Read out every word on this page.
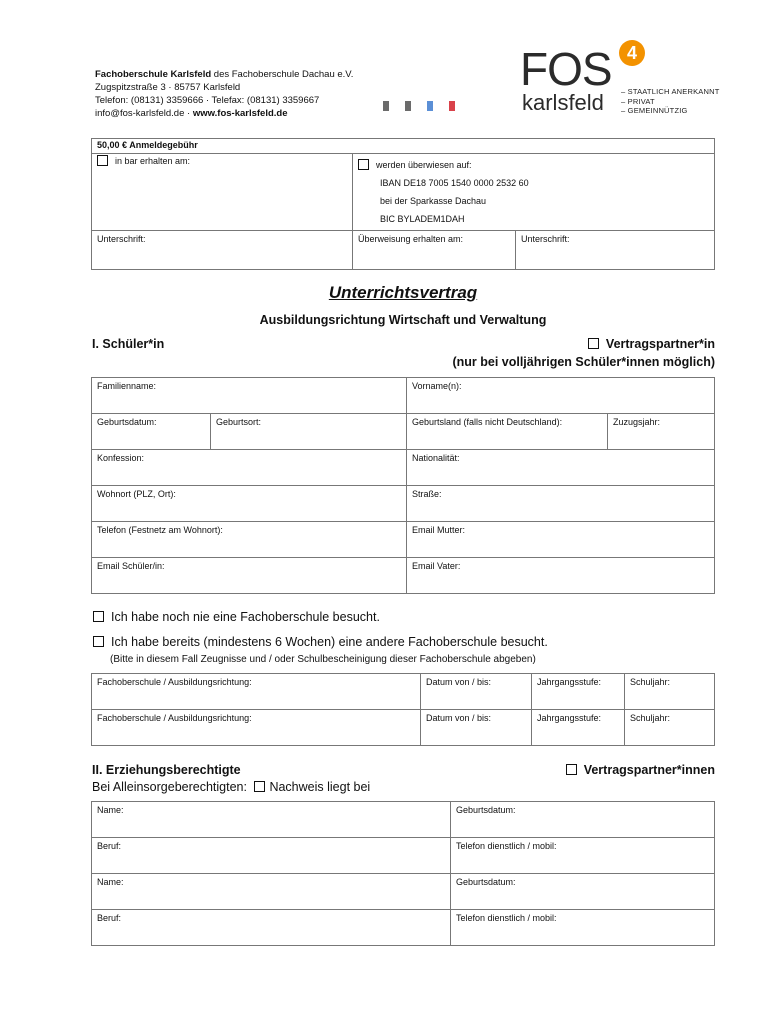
Fachoberschule Karlsfeld des Fachoberschule Dachau e.V.
Zugspitzstraße 3 · 85757 Karlsfeld
Telefon: (08131) 3359666 · Telefax: (08131) 3359667
info@fos-karlsfeld.de · www.fos-karlsfeld.de
FOS 4
karlsfeld – STAATLICH ANERKANNT
– PRIVAT
– GEMEINNÜTZIG
50,00 € Anmeldegebühr		
in bar erhalten am:	werden überwiesen auf:
IBAN DE18 7005 1540 0000 2532 60
bei der Sparkasse Dachau
BIC BYLADEM1DAH	

Unterschrift:	Überweisung erhalten am:	Unterschrift:
Unterrichtsvertrag
Ausbildungsrichtung Wirtschaft und Verwaltung
I. Schüler*in	Vertragspartner*in
(nur bei volljährigen Schüler*innen möglich)
Familienname:		Vorname(n):	
Geburtsdatum:	Geburtsort:	Geburtsland (falls nicht Deutschland):	Zuzugsjahr:
Konfession:		Nationalität:	
Wohnort (PLZ, Ort):		Straße:	
Telefon (Festnetz am Wohnort):		Email Mutter:	
Email Schüler/in:		Email Vater:	
Ich habe noch nie eine Fachoberschule besucht.
Ich habe bereits (mindestens 6 Wochen) eine andere Fachoberschule besucht.
(Bitte in diesem Fall Zeugnisse und / oder Schulbescheinigung dieser Fachoberschule abgeben)
Fachoberschule / Ausbildungsrichtung:	Datum von / bis:	Jahrgangsstufe:	Schuljahr:
Fachoberschule / Ausbildungsrichtung:	Datum von / bis:	Jahrgangsstufe:	Schuljahr:
II. Erziehungsberechtigte	Vertragspartner*innen
Bei Alleinsorgeberechtigten: Nachweis liegt bei
Name:	Geburtsdatum:
Beruf:	Telefon dienstlich / mobil:
Name:	Geburtsdatum:
Beruf:	Telefon dienstlich / mobil:
